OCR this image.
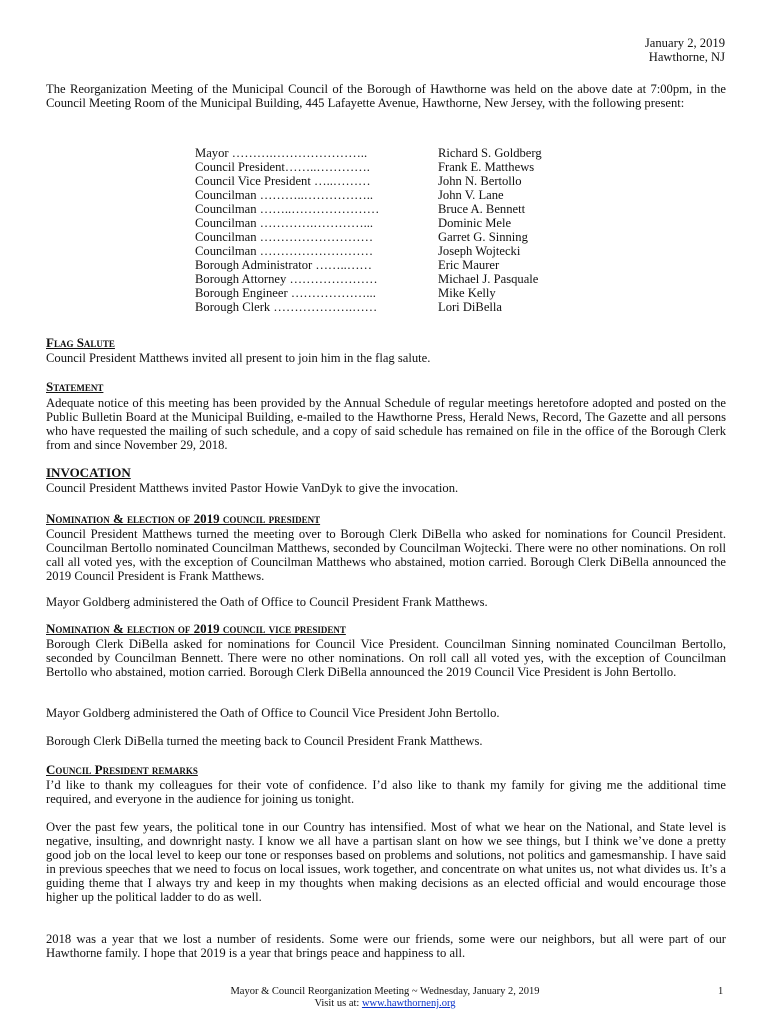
January 2, 2019
Hawthorne, NJ

The Reorganization Meeting of the Municipal Council of the Borough of Hawthorne was held on the above date at 7:00pm, in the Council Meeting Room of the Municipal Building, 445 Lafayette Avenue, Hawthorne, New Jersey, with the following present:

Mayor ……….…………………..	Richard S. Goldberg
Council President……..………….	Frank E. Matthews
Council Vice President …..………	John N. Bertollo
Councilman ………..……………..	John V. Lane
Councilman ……..…………………	Bruce A. Bennett
Councilman ………….…………...	Dominic Mele
Councilman ………………………	Garret G. Sinning
Councilman ………………………	Joseph Wojtecki
Borough Administrator ……..……	Eric Maurer
Borough Attorney …………………	Michael J. Pasquale
Borough Engineer ………………...	Mike Kelly
Borough Clerk ……………….……	Lori DiBella
Flag Salute

Council President Matthews invited all present to join him in the flag salute.

Statement

Adequate notice of this meeting has been provided by the Annual Schedule of regular meetings heretofore adopted and posted on the Public Bulletin Board at the Municipal Building, e-mailed to the Hawthorne Press, Herald News, Record, The Gazette and all persons who have requested the mailing of such schedule, and a copy of said schedule has remained on file in the office of the Borough Clerk from and since November 29, 2018.

INVOCATION

Council President Matthews invited Pastor Howie VanDyk to give the invocation.

Nomination & election of 2019 council president

Council President Matthews turned the meeting over to Borough Clerk DiBella who asked for nominations for Council President. Councilman Bertollo nominated Councilman Matthews, seconded by Councilman Wojtecki. There were no other nominations. On roll call all voted yes, with the exception of Councilman Matthews who abstained, motion carried. Borough Clerk DiBella announced the 2019 Council President is Frank Matthews.

Mayor Goldberg administered the Oath of Office to Council President Frank Matthews.

Nomination & election of 2019 council vice president

Borough Clerk DiBella asked for nominations for Council Vice President. Councilman Sinning nominated Councilman Bertollo, seconded by Councilman Bennett. There were no other nominations. On roll call all voted yes, with the exception of Councilman Bertollo who abstained, motion carried. Borough Clerk DiBella announced the 2019 Council Vice President is John Bertollo.

Mayor Goldberg administered the Oath of Office to Council Vice President John Bertollo.

Borough Clerk DiBella turned the meeting back to Council President Frank Matthews.

Council President remarks

I’d like to thank my colleagues for their vote of confidence. I’d also like to thank my family for giving me the additional time required, and everyone in the audience for joining us tonight.

Over the past few years, the political tone in our Country has intensified. Most of what we hear on the National, and State level is negative, insulting, and downright nasty. I know we all have a partisan slant on how we see things, but I think we’ve done a pretty good job on the local level to keep our tone or responses based on problems and solutions, not politics and gamesmanship. I have said in previous speeches that we need to focus on local issues, work together, and concentrate on what unites us, not what divides us. It’s a guiding theme that I always try and keep in my thoughts when making decisions as an elected official and would encourage those higher up the political ladder to do as well.

2018 was a year that we lost a number of residents. Some were our friends, some were our neighbors, but all were part of our Hawthorne family. I hope that 2019 is a year that brings peace and happiness to all.

Mayor & Council Reorganization Meeting ~ Wednesday, January 2, 2019
Visit us at: www.hawthornenj.org
1
